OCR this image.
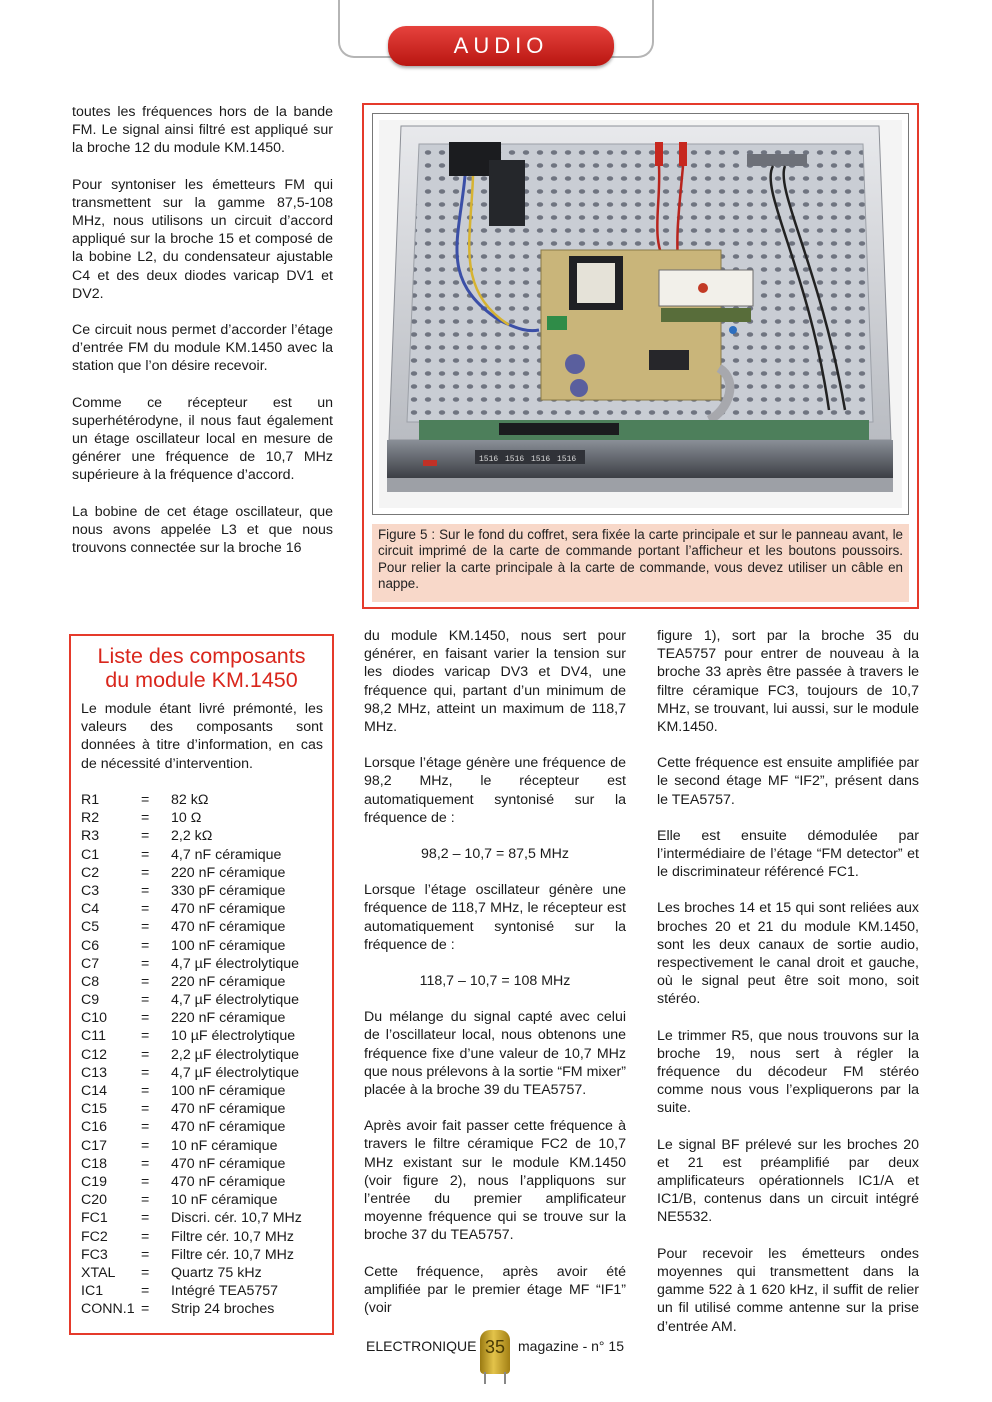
AUDIO

toutes les fréquences hors de la bande FM. Le signal ainsi filtré est appliqué sur la broche 12 du module KM.1450.

Pour syntoniser les émetteurs FM qui transmettent sur la gamme 87,5-108 MHz, nous utilisons un circuit d’accord appliqué sur la broche 15 et composé de la bobine L2, du condensateur ajustable C4 et des deux diodes varicap DV1 et DV2.

Ce circuit nous permet d’accorder l’étage d’entrée FM du module KM.1450 avec la station que l’on désire recevoir.

Comme ce récepteur est un superhétérodyne, il nous faut également un étage oscillateur local en mesure de générer une fréquence de 10,7 MHz supérieure à la fréquence d’accord.

La bobine de cet étage oscillateur, que nous avons appelée L3 et que nous trouvons connectée sur la broche 16

1516 1516 1516 1516
Figure 5 : Sur le fond du coffret, sera fixée la carte principale et sur le panneau avant, le circuit imprimé de la carte de commande portant l’afficheur et les boutons poussoirs. Pour relier la carte principale à la carte de commande, vous devez utiliser un câble en nappe.
Liste des composants
du module KM.1450
Le module étant livré prémonté, les valeurs des composants sont données à titre d’information, en cas de nécessité d’intervention.
R1	=	82 kΩ
R2	=	10 Ω
R3	=	2,2 kΩ
C1	=	4,7 nF céramique
C2	=	220 nF céramique
C3	=	330 pF céramique
C4	=	470 nF céramique
C5	=	470 nF céramique
C6	=	100 nF céramique
C7	=	4,7 µF électrolytique
C8	=	220 nF céramique
C9	=	4,7 µF électrolytique
C10	=	220 nF céramique
C11	=	10 µF électrolytique
C12	=	2,2 µF électrolytique
C13	=	4,7 µF électrolytique
C14	=	100 nF céramique
C15	=	470 nF céramique
C16	=	470 nF céramique
C17	=	10 nF céramique
C18	=	470 nF céramique
C19	=	470 nF céramique
C20	=	10 nF céramique
FC1	=	Discri. cér. 10,7 MHz
FC2	=	Filtre cér. 10,7 MHz
FC3	=	Filtre cér. 10,7 MHz
XTAL	=	Quartz 75 kHz
IC1	=	Intégré TEA5757
CONN.1 =	Strip 24 broches

du module KM.1450, nous sert pour générer, en faisant varier la tension sur les diodes varicap DV3 et DV4, une fréquence qui, partant d’un minimum de 98,2 MHz, atteint un maximum de 118,7 MHz.

Lorsque l’étage génère une fréquence de 98,2 MHz, le récepteur est automatiquement syntonisé sur la fréquence de :

98,2 – 10,7 = 87,5 MHz

Lorsque l’étage oscillateur génère une fréquence de 118,7 MHz, le récepteur est automatiquement syntonisé sur la fréquence de :

118,7 – 10,7 = 108 MHz

Du mélange du signal capté avec celui de l’oscillateur local, nous obtenons une fréquence fixe d’une valeur de 10,7 MHz que nous prélevons à la sortie “FM mixer” placée à la broche 39 du TEA5757.

Après avoir fait passer cette fréquence à travers le filtre céramique FC2 de 10,7 MHz existant sur le module KM.1450 (voir figure 2), nous l’appliquons sur l’entrée du premier amplificateur moyenne fréquence qui se trouve sur la broche 37 du TEA5757.

Cette fréquence, après avoir été amplifiée par le premier étage MF “IF1” (voir

figure 1), sort par la broche 35 du TEA5757 pour entrer de nouveau à la broche 33 après être passée à travers le filtre céramique FC3, toujours de 10,7 MHz, se trouvant, lui aussi, sur le module KM.1450.

Cette fréquence est ensuite amplifiée par le second étage MF “IF2”, présent dans le TEA5757.

Elle est ensuite démodulée par l’intermédiaire de l’étage “FM detector” et le discriminateur référencé FC1.

Les broches 14 et 15 qui sont reliées aux broches 20 et 21 du module KM.1450, sont les deux canaux de sortie audio, respectivement le canal droit et gauche, où le signal peut être soit mono, soit stéréo.

Le trimmer R5, que nous trouvons sur la broche 19, nous sert à régler la fréquence du décodeur FM stéréo comme nous vous l’expliquerons par la suite.

Le signal BF prélevé sur les broches 20 et 21 est préamplifié par deux amplificateurs opérationnels IC1/A et IC1/B, contenus dans un circuit intégré NE5532.

Pour recevoir les émetteurs ondes moyennes qui transmettent dans la gamme 522 à 1 620 kHz, il suffit de relier un fil utilisé comme antenne sur la prise d’entrée AM.

ELECTRONIQUE 35 magazine - n° 15
